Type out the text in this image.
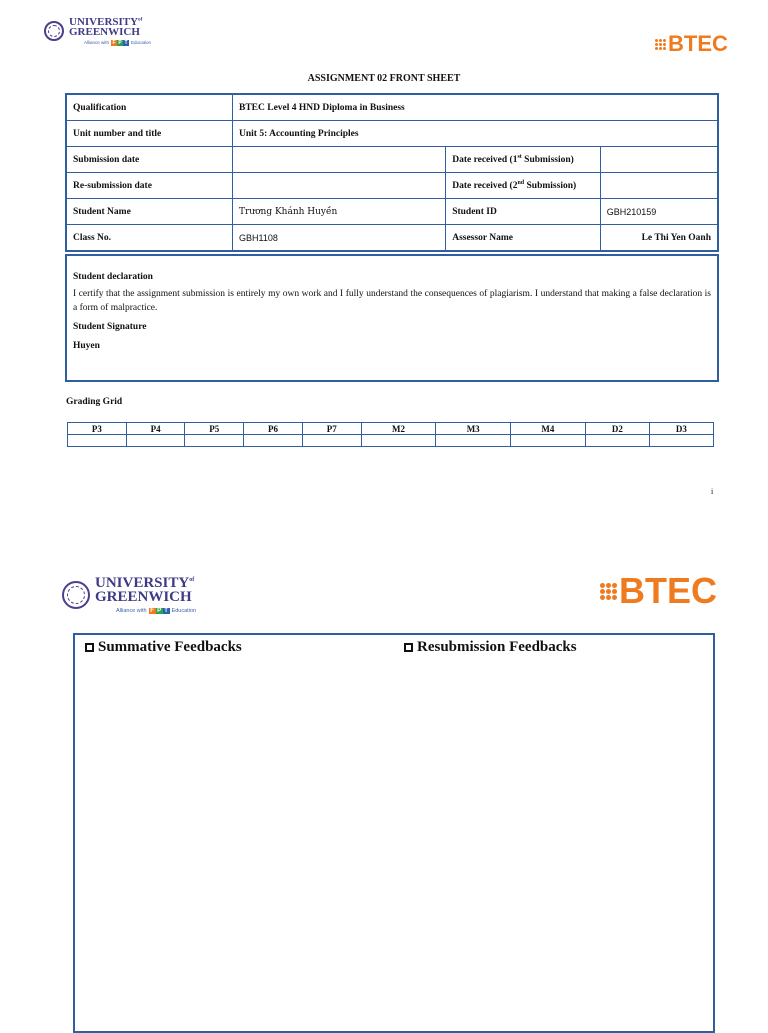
$UNIVERSITY^{of}$
GREENWICH
Alliance with F P T Education	BTEC
ASSIGNMENT 02 FRONT SHEET
Qualification	BTEC Level 4 HND Diploma in Business		
Unit number and title	Unit 5: Accounting Principles		
Submission date		Date received (1st Submission)	
Re-submission date		Date received (2nd Submission)	
Student Name	Trương Khánh Huyền	Student ID	GBH210159
Class No.	GBH1108	Assessor Name	Le Thi Yen Oanh

Student declaration

I certify that the assignment submission is entirely my own work and I fully understand the consequences of plagiarism. I understand that making a false declaration is a form of malpractice.

Student Signature

Huyen

Grading Grid
P3	P4	P5	P6	P7	M2	M3	M4	D2	D3

i
$UNIVERSITY^{of}$
GREENWICH
Alliance with F P T Education	BTEC
Summative Feedbacks	Resubmission Feedbacks
